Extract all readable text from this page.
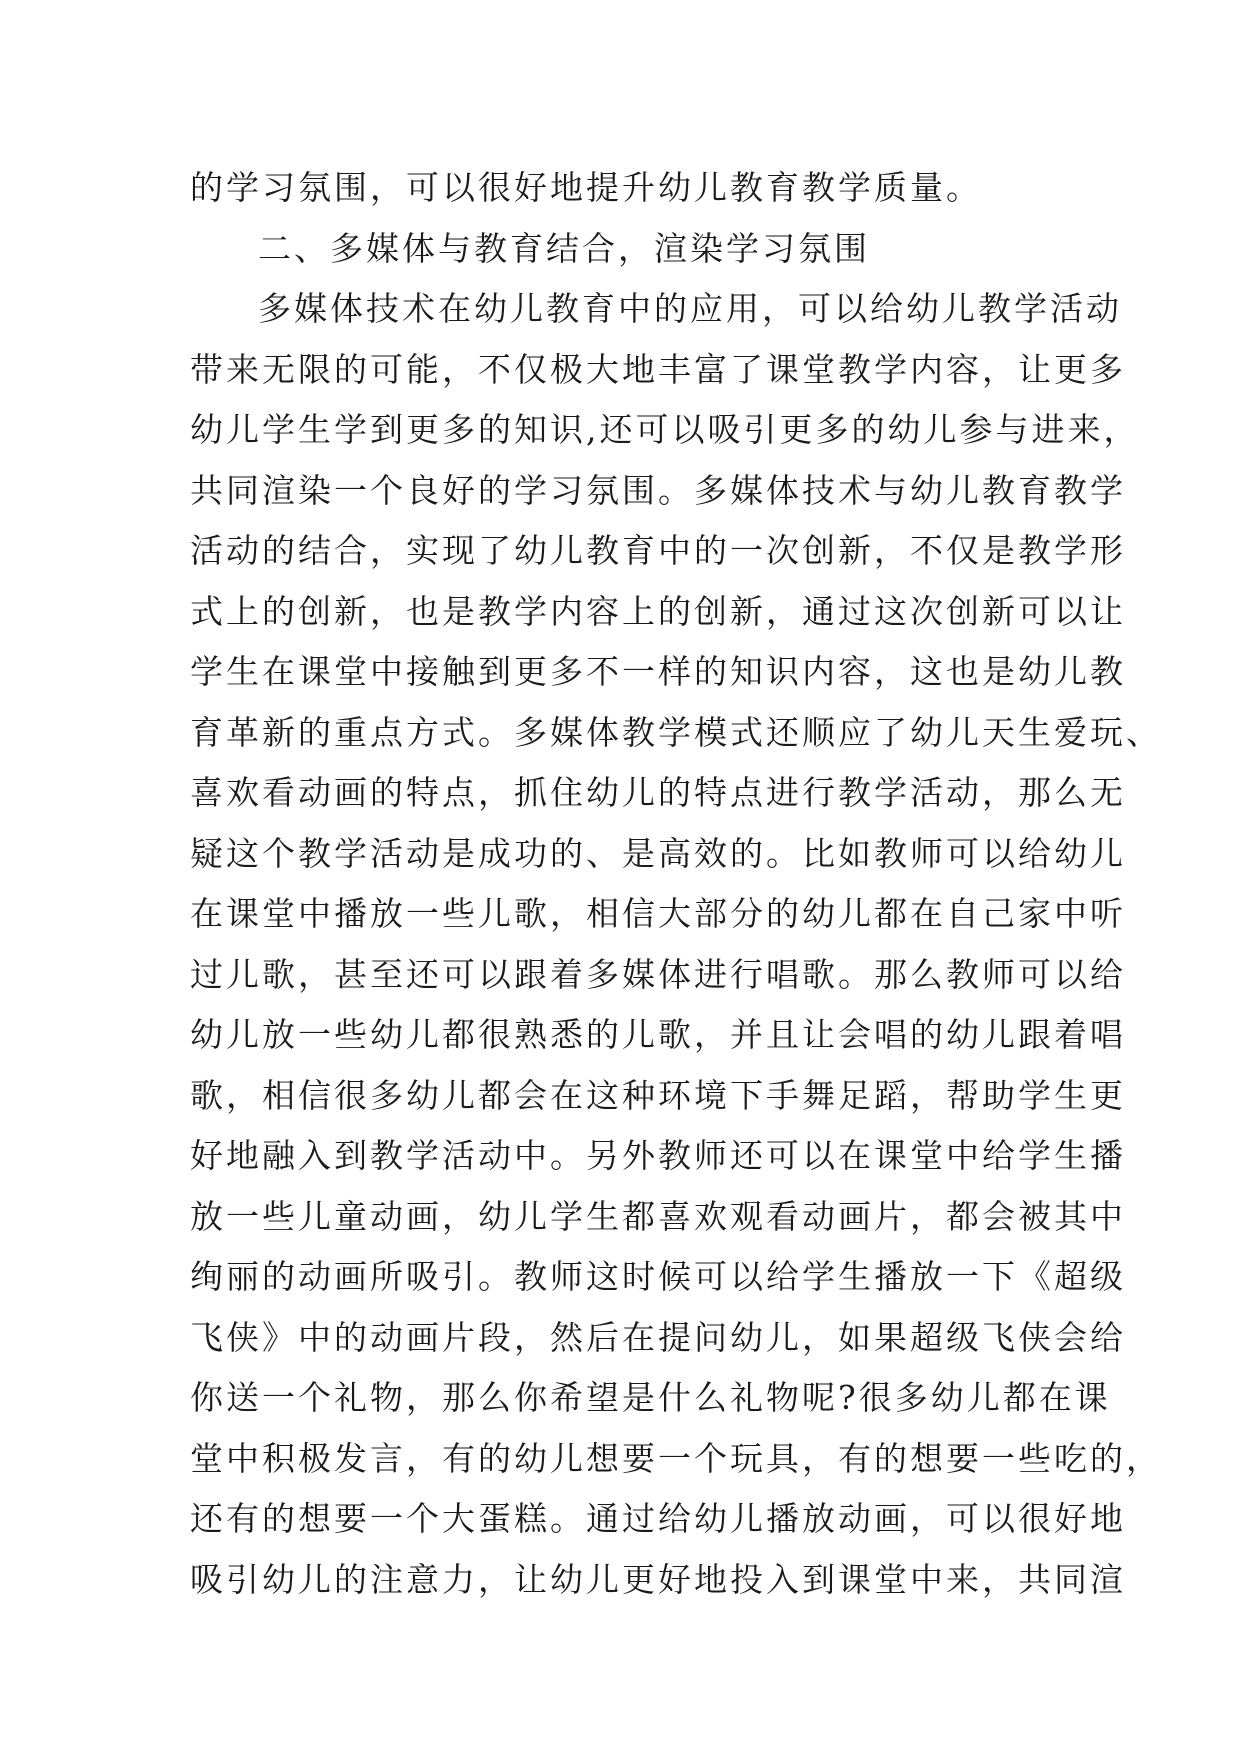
的学习氛围，可以很好地提升幼儿教育教学质量。
二、多媒体与教育结合，渲染学习氛围
多媒体技术在幼儿教育中的应用，可以给幼儿教学活动
带来无限的可能，不仅极大地丰富了课堂教学内容，让更多
幼儿学生学到更多的知识,还可以吸引更多的幼儿参与进来，
共同渲染一个良好的学习氛围。多媒体技术与幼儿教育教学
活动的结合，实现了幼儿教育中的一次创新，不仅是教学形
式上的创新，也是教学内容上的创新，通过这次创新可以让
学生在课堂中接触到更多不一样的知识内容，这也是幼儿教
育革新的重点方式。多媒体教学模式还顺应了幼儿天生爱玩、
喜欢看动画的特点，抓住幼儿的特点进行教学活动，那么无
疑这个教学活动是成功的、是高效的。比如教师可以给幼儿
在课堂中播放一些儿歌，相信大部分的幼儿都在自己家中听
过儿歌，甚至还可以跟着多媒体进行唱歌。那么教师可以给
幼儿放一些幼儿都很熟悉的儿歌，并且让会唱的幼儿跟着唱
歌，相信很多幼儿都会在这种环境下手舞足蹈，帮助学生更
好地融入到教学活动中。另外教师还可以在课堂中给学生播
放一些儿童动画，幼儿学生都喜欢观看动画片，都会被其中
绚丽的动画所吸引。教师这时候可以给学生播放一下《超级
飞侠》中的动画片段，然后在提问幼儿，如果超级飞侠会给
你送一个礼物，那么你希望是什么礼物呢?很多幼儿都在课
堂中积极发言，有的幼儿想要一个玩具，有的想要一些吃的，
还有的想要一个大蛋糕。通过给幼儿播放动画，可以很好地
吸引幼儿的注意力，让幼儿更好地投入到课堂中来，共同渲
